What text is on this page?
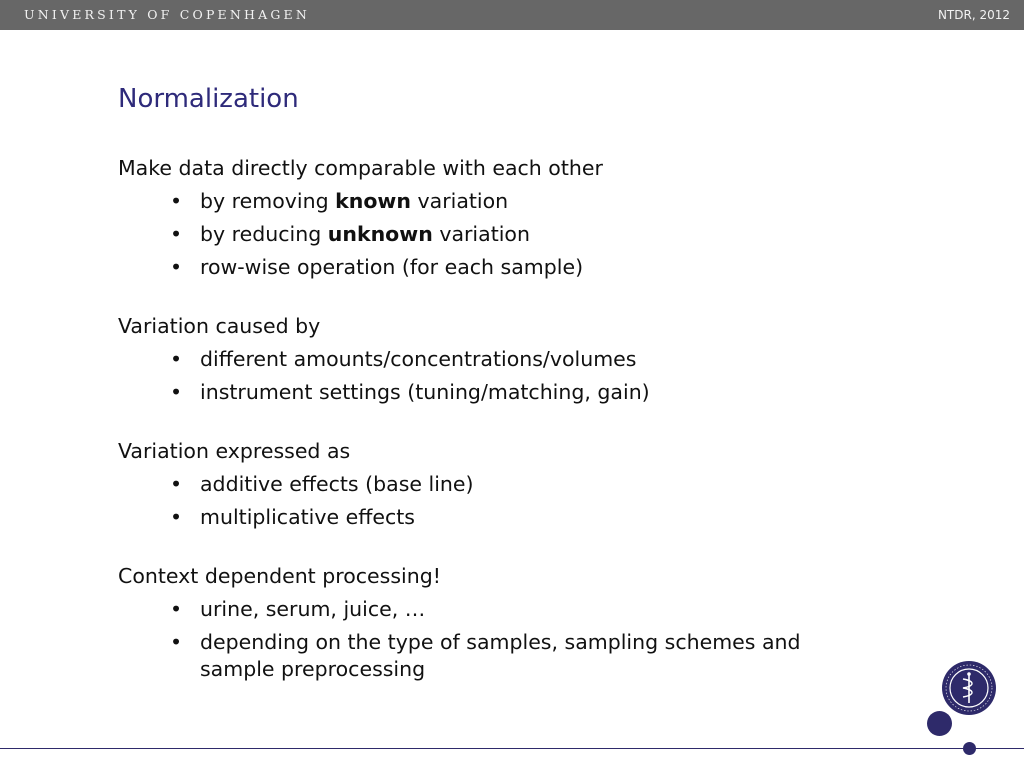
UNIVERSITY OF COPENHAGEN	NTDR, 2012
Normalization
Make data directly comparable with each other
• by removing known variation
• by reducing unknown variation
• row-wise operation (for each sample)
Variation caused by
• different amounts/concentrations/volumes
• instrument settings (tuning/matching, gain)
Variation expressed as
• additive effects (base line)
• multiplicative effects
Context dependent processing!
• urine, serum, juice, …
• depending on the type of samples, sampling schemes and sample preprocessing
